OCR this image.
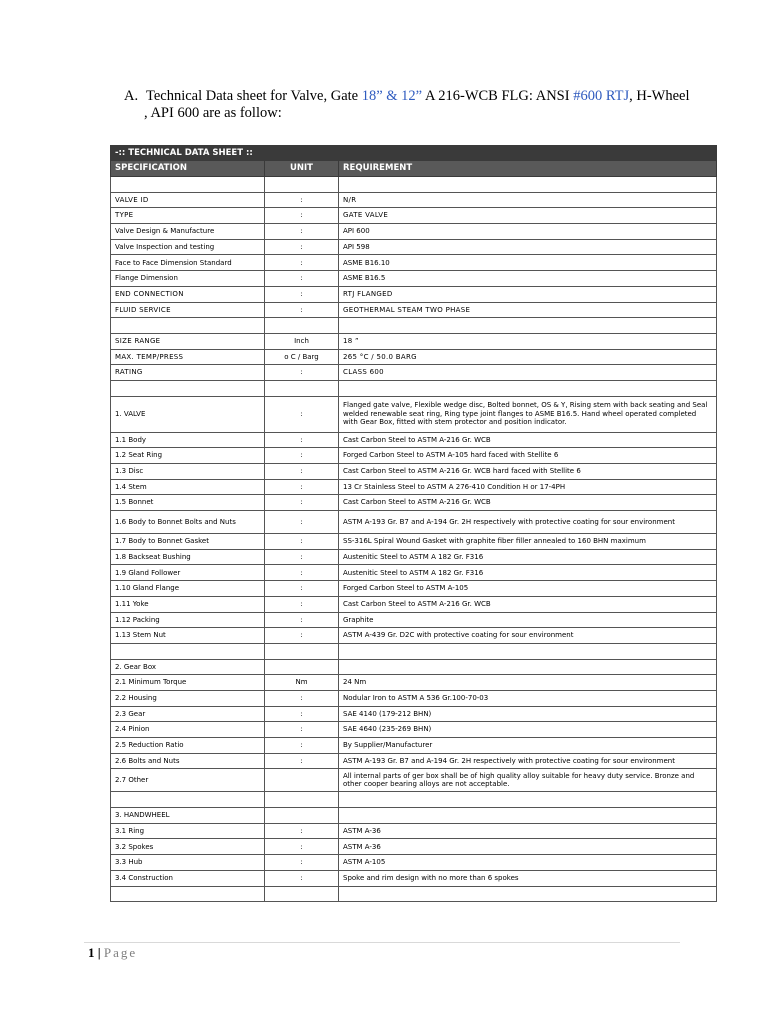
A. Technical Data sheet for Valve, Gate 18” & 12” A 216-WCB FLG: ANSI #600 RTJ, H-Wheel
, API 600 are as follow:
-:: TECHNICAL DATA SHEET ::		
SPECIFICATION	UNIT	REQUIREMENT

VALVE ID	:	N/R
TYPE	:	GATE VALVE
Valve Design & Manufacture	:	API 600
Valve Inspection and testing	:	API 598
Face to Face Dimension Standard	:	ASME B16.10
Flange Dimension	:	ASME B16.5
END CONNECTION	:	RTJ FLANGED
FLUID SERVICE	:	GEOTHERMAL STEAM TWO PHASE

SIZE RANGE	Inch	18 ”
MAX. TEMP/PRESS	o C / Barg	265 °C / 50.0 BARG
RATING	:	CLASS 600

1. VALVE	:	Flanged gate valve, Flexible wedge disc, Bolted bonnet, OS & Y, Rising stem with back seating and Seal welded renewable seat ring, Ring type joint flanges to ASME B16.5. Hand wheel operated completed with Gear Box, fitted with stem protector and position indicator.
1.1 Body	:	Cast Carbon Steel to ASTM A-216 Gr. WCB
1.2 Seat Ring	:	Forged Carbon Steel to ASTM A-105 hard faced with Stellite 6
1.3 Disc	:	Cast Carbon Steel to ASTM A-216 Gr. WCB hard faced with Stellite 6
1.4 Stem	:	13 Cr Stainless Steel to ASTM A 276-410 Condition H or 17-4PH
1.5 Bonnet	:	Cast Carbon Steel to ASTM A-216 Gr. WCB
1.6 Body to Bonnet Bolts and Nuts	:	ASTM A-193 Gr. B7 and A-194 Gr. 2H respectively with protective coating for sour environment
1.7 Body to Bonnet Gasket	:	SS-316L Spiral Wound Gasket with graphite fiber filler annealed to 160 BHN maximum
1.8 Backseat Bushing	:	Austenitic Steel to ASTM A 182 Gr. F316
1.9 Gland Follower	:	Austenitic Steel to ASTM A 182 Gr. F316
1.10 Gland Flange	:	Forged Carbon Steel to ASTM A-105
1.11 Yoke	:	Cast Carbon Steel to ASTM A-216 Gr. WCB
1.12 Packing	:	Graphite
1.13 Stem Nut	:	ASTM A-439 Gr. D2C with protective coating for sour environment

2. Gear Box		
2.1 Minimum Torque	Nm	24 Nm
2.2 Housing	:	Nodular Iron to ASTM A 536 Gr.100-70-03
2.3 Gear	:	SAE 4140 (179-212 BHN)
2.4 Pinion	:	SAE 4640 (235-269 BHN)
2.5 Reduction Ratio	:	By Supplier/Manufacturer
2.6 Bolts and Nuts	:	ASTM A-193 Gr. B7 and A-194 Gr. 2H respectively with protective coating for sour environment
2.7 Other		All internal parts of ger box shall be of high quality alloy suitable for heavy duty service. Bronze and other cooper bearing alloys are not acceptable.

3. HANDWHEEL		
3.1 Ring	:	ASTM A-36
3.2 Spokes	:	ASTM A-36
3.3 Hub	:	ASTM A-105
3.4 Construction	:	Spoke and rim design with no more than 6 spokes

1 | Page
